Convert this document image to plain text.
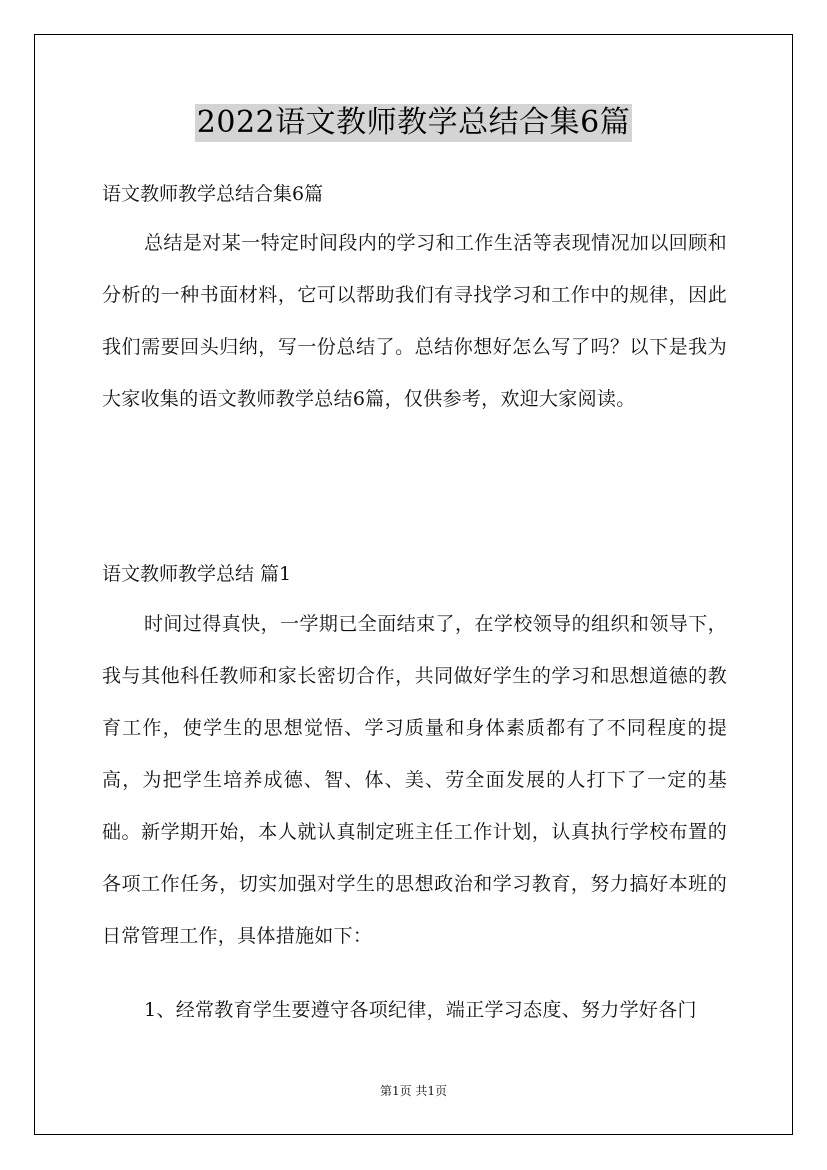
2022语文教师教学总结合集6篇
语文教师教学总结合集6篇
总结是对某一特定时间段内的学习和工作生活等表现情况加以回顾和分析的一种书面材料，它可以帮助我们有寻找学习和工作中的规律，因此我们需要回头归纳，写一份总结了。总结你想好怎么写了吗？以下是我为大家收集的语文教师教学总结6篇，仅供参考，欢迎大家阅读。
语文教师教学总结 篇1
时间过得真快，一学期已全面结束了，在学校领导的组织和领导下，我与其他科任教师和家长密切合作，共同做好学生的学习和思想道德的教育工作，使学生的思想觉悟、学习质量和身体素质都有了不同程度的提高，为把学生培养成德、智、体、美、劳全面发展的人打下了一定的基础。新学期开始，本人就认真制定班主任工作计划，认真执行学校布置的各项工作任务，切实加强对学生的思想政治和学习教育，努力搞好本班的日常管理工作，具体措施如下：
1、经常教育学生要遵守各项纪律，端正学习态度、努力学好各门
第1页 共1页
